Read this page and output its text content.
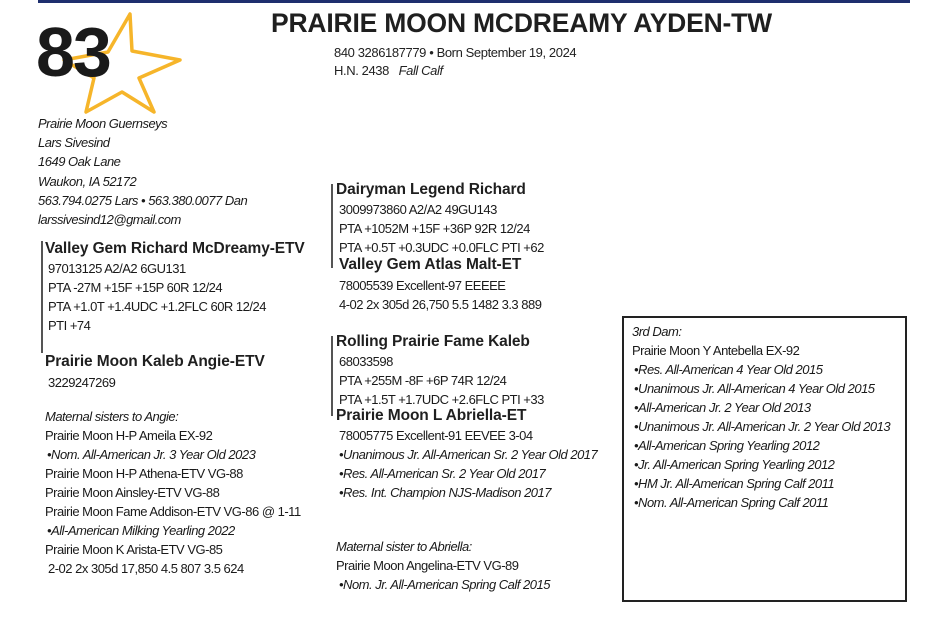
83	PRAIRIE MOON MCDREAMY AYDEN-TW
840 3286187779 • Born September 19, 2024
H.N. 2438 Fall Calf
Prairie Moon Guernseys
Lars Sivesind
1649 Oak Lane
Waukon, IA 52172
563.794.0275 Lars • 563.380.0077 Dan
larssivesind12@gmail.com
Valley Gem Richard McDreamy-ETV
97013125 A2/A2 6GU131
PTA -27M +15F +15P 60R 12/24
PTA +1.0T +1.4UDC +1.2FLC 60R 12/24
PTI +74
Prairie Moon Kaleb Angie-ETV
3229247269
Maternal sisters to Angie:
Prairie Moon H-P Ameila EX-92
•Nom. All-American Jr. 3 Year Old 2023
Prairie Moon H-P Athena-ETV VG-88
Prairie Moon Ainsley-ETV VG-88
Prairie Moon Fame Addison-ETV VG-86 @ 1-11
•All-American Milking Yearling 2022
Prairie Moon K Arista-ETV VG-85
2-02 2x 305d 17,850 4.5 807 3.5 624
Dairyman Legend Richard
3009973860 A2/A2 49GU143
PTA +1052M +15F +36P 92R 12/24
PTA +0.5T +0.3UDC +0.0FLC PTI +62
Valley Gem Atlas Malt-ET
78005539 Excellent-97 EEEEE
4-02 2x 305d 26,750 5.5 1482 3.3 889
Rolling Prairie Fame Kaleb
68033598
PTA +255M -8F +6P 74R 12/24
PTA +1.5T +1.7UDC +2.6FLC PTI +33
Prairie Moon L Abriella-ET
78005775 Excellent-91 EEVEE 3-04
•Unanimous Jr. All-American Sr. 2 Year Old 2017
•Res. All-American Sr. 2 Year Old 2017
•Res. Int. Champion NJS-Madison 2017
Maternal sister to Abriella:
Prairie Moon Angelina-ETV VG-89
•Nom. Jr. All-American Spring Calf 2015
3rd Dam:
Prairie Moon Y Antebella EX-92
•Res. All-American 4 Year Old 2015
•Unanimous Jr. All-American 4 Year Old 2015
•All-American Jr. 2 Year Old 2013
•Unanimous Jr. All-American Jr. 2 Year Old 2013
•All-American Spring Yearling 2012
•Jr. All-American Spring Yearling 2012
•HM Jr. All-American Spring Calf 2011
•Nom. All-American Spring Calf 2011
